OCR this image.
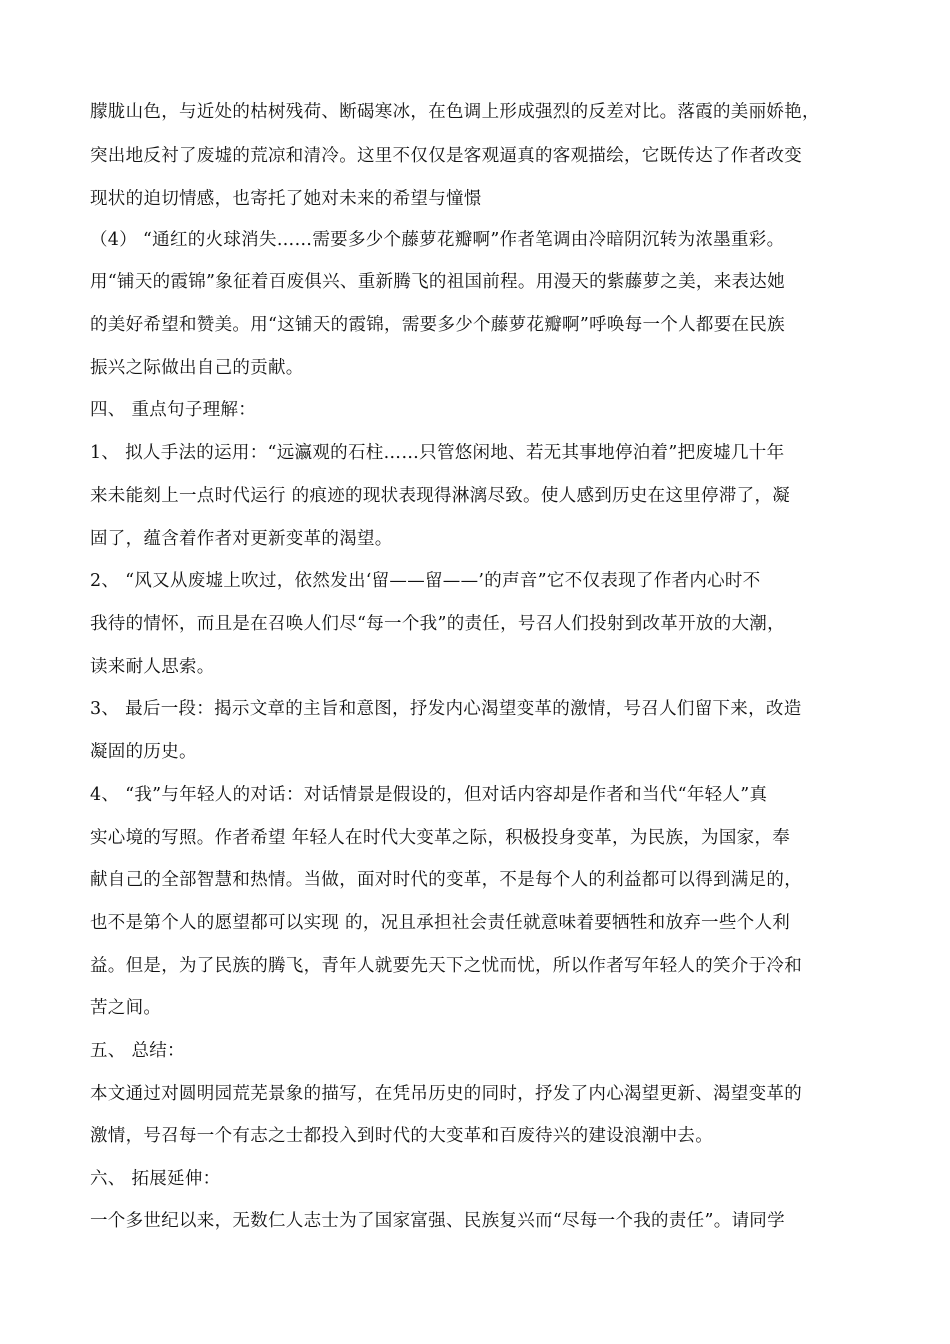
朦胧山色，与近处的枯树残荷、断碣寒冰，在色调上形成强烈的反差对比。落霞的美丽娇艳，
突出地反衬了废墟的荒凉和清冷。这里不仅仅是客观逼真的客观描绘，它既传达了作者改变
现状的迫切情感，也寄托了她对未来的希望与憧憬
（4） “通红的火球消失……需要多少个藤萝花瓣啊”作者笔调由冷暗阴沉转为浓墨重彩。
用“铺天的霞锦”象征着百废俱兴、重新腾飞的祖国前程。用漫天的紫藤萝之美，来表达她
的美好希望和赞美。用“这铺天的霞锦，需要多少个藤萝花瓣啊”呼唤每一个人都要在民族
振兴之际做出自己的贡献。
四、 重点句子理解：
1、 拟人手法的运用：“远瀛观的石柱……只管悠闲地、若无其事地停泊着”把废墟几十年
来未能刻上一点时代运行 的痕迹的现状表现得淋漓尽致。使人感到历史在这里停滞了，凝
固了，蕴含着作者对更新变革的渴望。
2、 “风又从废墟上吹过，依然发出‘留——留——’的声音”它不仅表现了作者内心时不
我待的情怀，而且是在召唤人们尽“每一个我”的责任，号召人们投射到改革开放的大潮，
读来耐人思索。
3、 最后一段：揭示文章的主旨和意图，抒发内心渴望变革的激情，号召人们留下来，改造
凝固的历史。
4、 “我”与年轻人的对话：对话情景是假设的，但对话内容却是作者和当代“年轻人”真
实心境的写照。作者希望 年轻人在时代大变革之际，积极投身变革，为民族，为国家，奉
献自己的全部智慧和热情。当做，面对时代的变革，不是每个人的利益都可以得到满足的，
也不是第个人的愿望都可以实现 的，况且承担社会责任就意味着要牺牲和放弃一些个人利
益。但是，为了民族的腾飞，青年人就要先天下之忧而忧，所以作者写年轻人的笑介于冷和
苦之间。
五、 总结：
本文通过对圆明园荒芜景象的描写，在凭吊历史的同时，抒发了内心渴望更新、渴望变革的
激情，号召每一个有志之士都投入到时代的大变革和百废待兴的建设浪潮中去。
六、 拓展延伸：
一个多世纪以来，无数仁人志士为了国家富强、民族复兴而“尽每一个我的责任”。请同学
